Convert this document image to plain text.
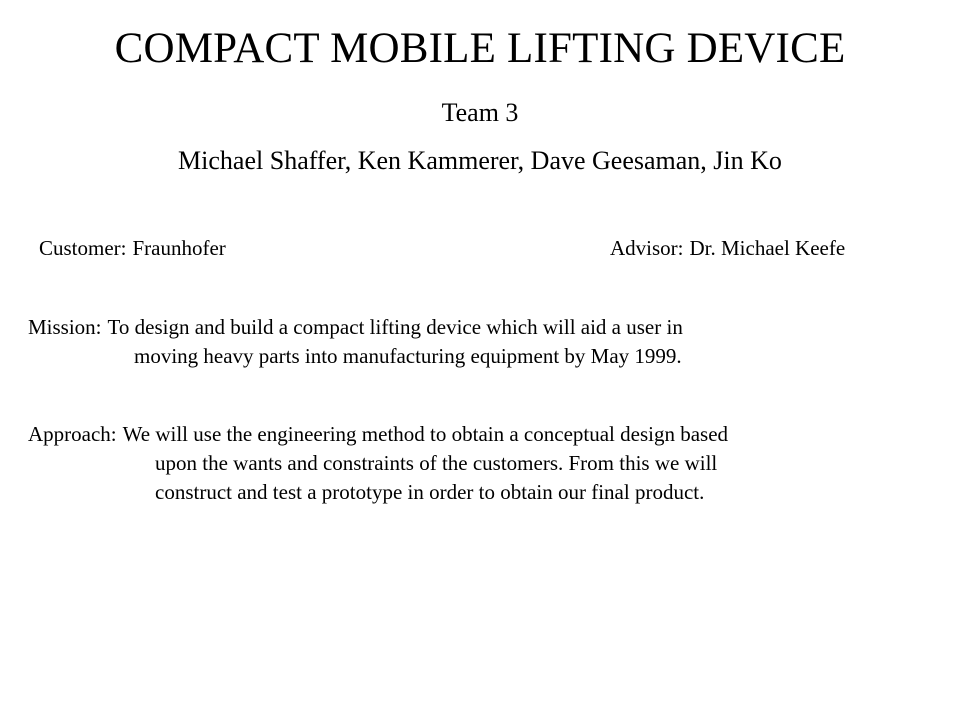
COMPACT MOBILE LIFTING DEVICE
Team 3
Michael Shaffer, Ken Kammerer, Dave Geesaman, Jin Ko
Customer: Fraunhofer	Advisor: Dr. Michael Keefe
Mission: To design and build a compact lifting device which will aid a user in
moving heavy parts into manufacturing equipment by May 1999.
Approach: We will use the engineering method to obtain a conceptual design based
upon the wants and constraints of the customers. From this we will
construct and test a prototype in order to obtain our final product.
